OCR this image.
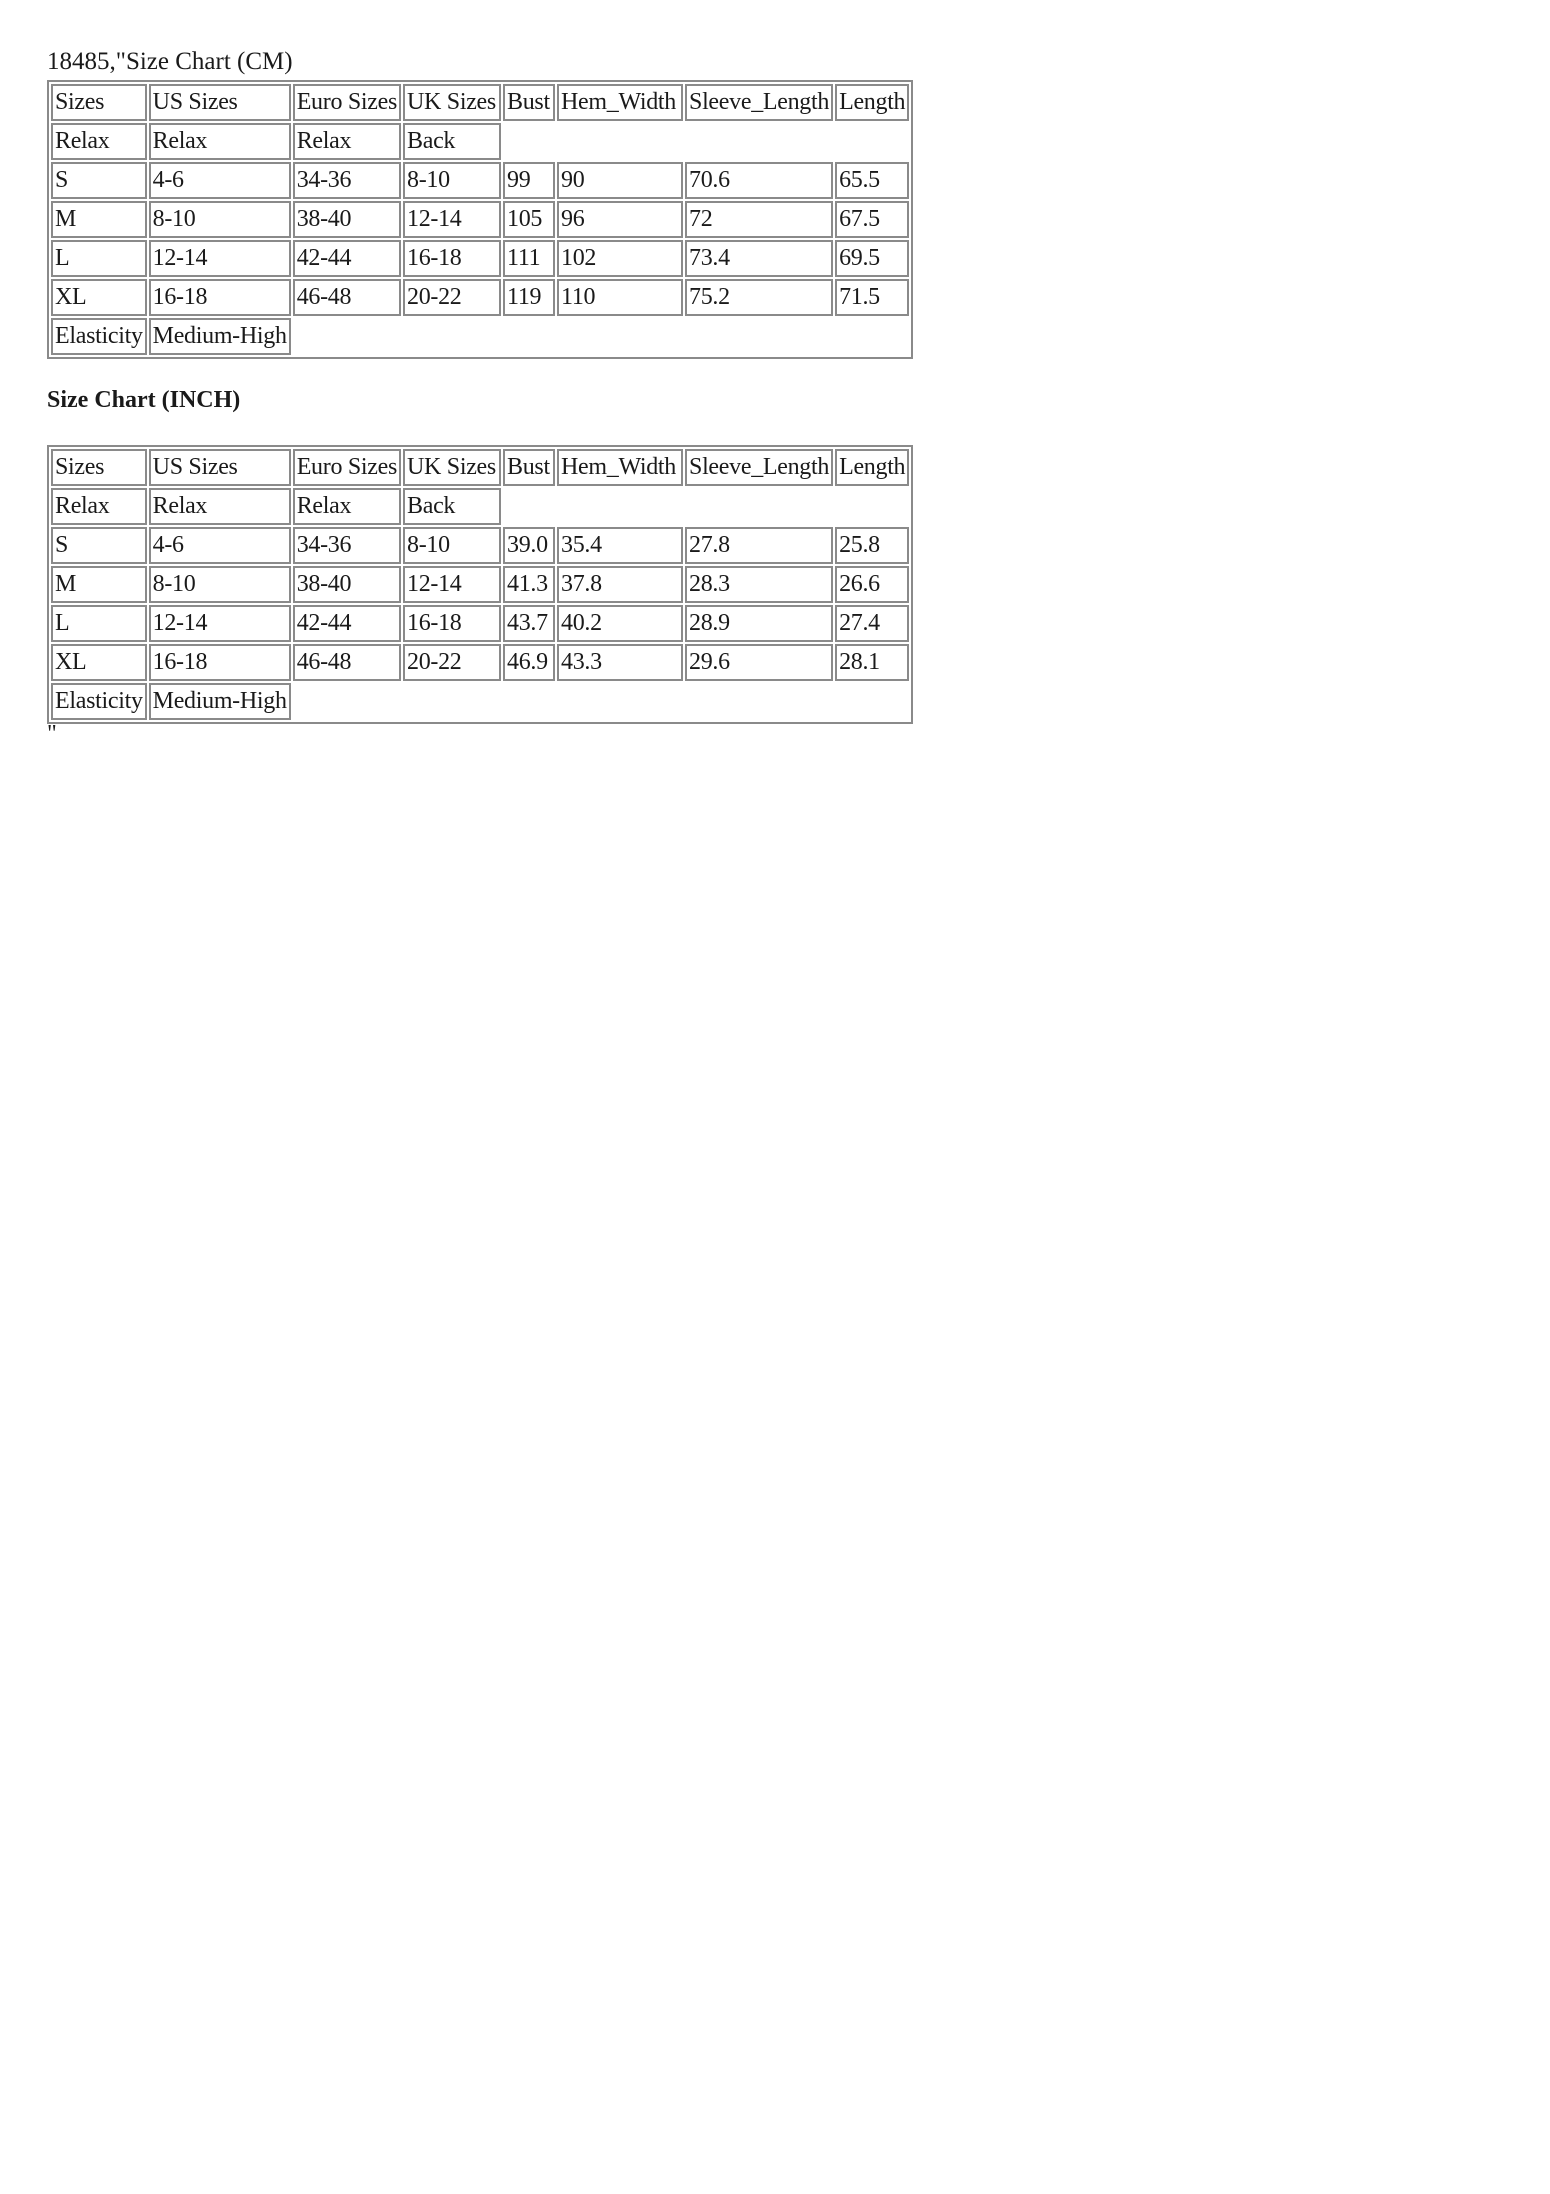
18485,"Size Chart (CM)
Sizes	US Sizes	Euro Sizes	UK Sizes	Bust	Hem_Width	Sleeve_Length	Length
Relax	Relax	Relax	Back				
S	4-6	34-36	8-10	99	90	70.6	65.5
M	8-10	38-40	12-14	105	96	72	67.5
L	12-14	42-44	16-18	111	102	73.4	69.5
XL	16-18	46-48	20-22	119	110	75.2	71.5
Elasticity	Medium-High						
Size Chart (INCH)
Sizes	US Sizes	Euro Sizes	UK Sizes	Bust	Hem_Width	Sleeve_Length	Length
Relax	Relax	Relax	Back				
S	4-6	34-36	8-10	39.0	35.4	27.8	25.8
M	8-10	38-40	12-14	41.3	37.8	28.3	26.6
L	12-14	42-44	16-18	43.7	40.2	28.9	27.4
XL	16-18	46-48	20-22	46.9	43.3	29.6	28.1
Elasticity	Medium-High						
"
